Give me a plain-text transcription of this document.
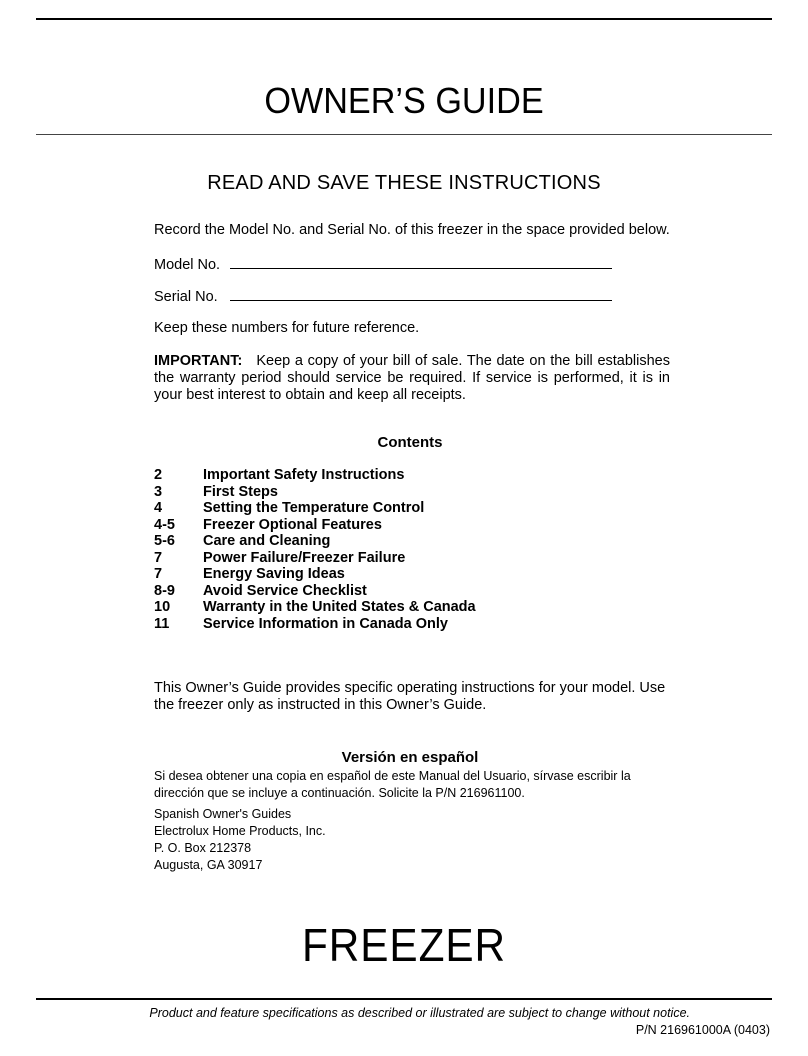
OWNER’S GUIDE
READ AND SAVE THESE INSTRUCTIONS
Record the Model No. and Serial No. of this freezer in the space provided below.
Model No.
Serial No.
Keep these numbers for future reference.
IMPORTANT: Keep a copy of your bill of sale. The date on the bill establishes the warranty period should service be required. If service is performed, it is in your best interest to obtain and keep all receipts.
Contents
2	Important Safety Instructions
3	First Steps
4	Setting the Temperature Control
4-5 Freezer Optional Features
5-6 Care and Cleaning
7	Power Failure/Freezer Failure
7	Energy Saving Ideas
8-9 Avoid Service Checklist
10 Warranty in the United States & Canada
11 Service Information in Canada Only
This Owner’s Guide provides specific operating instructions for your model. Use the freezer only as instructed in this Owner’s Guide.
Versión en español
Si desea obtener una copia en español de este Manual del Usuario, sírvase escribir la dirección que se incluye a continuación. Solicite la P/N 216961100.
Spanish Owner's Guides
Electrolux Home Products, Inc.
P. O. Box 212378
Augusta, GA 30917
FREEZER
Product and feature specifications as described or illustrated are subject to change without notice.
P/N 216961000A (0403)
